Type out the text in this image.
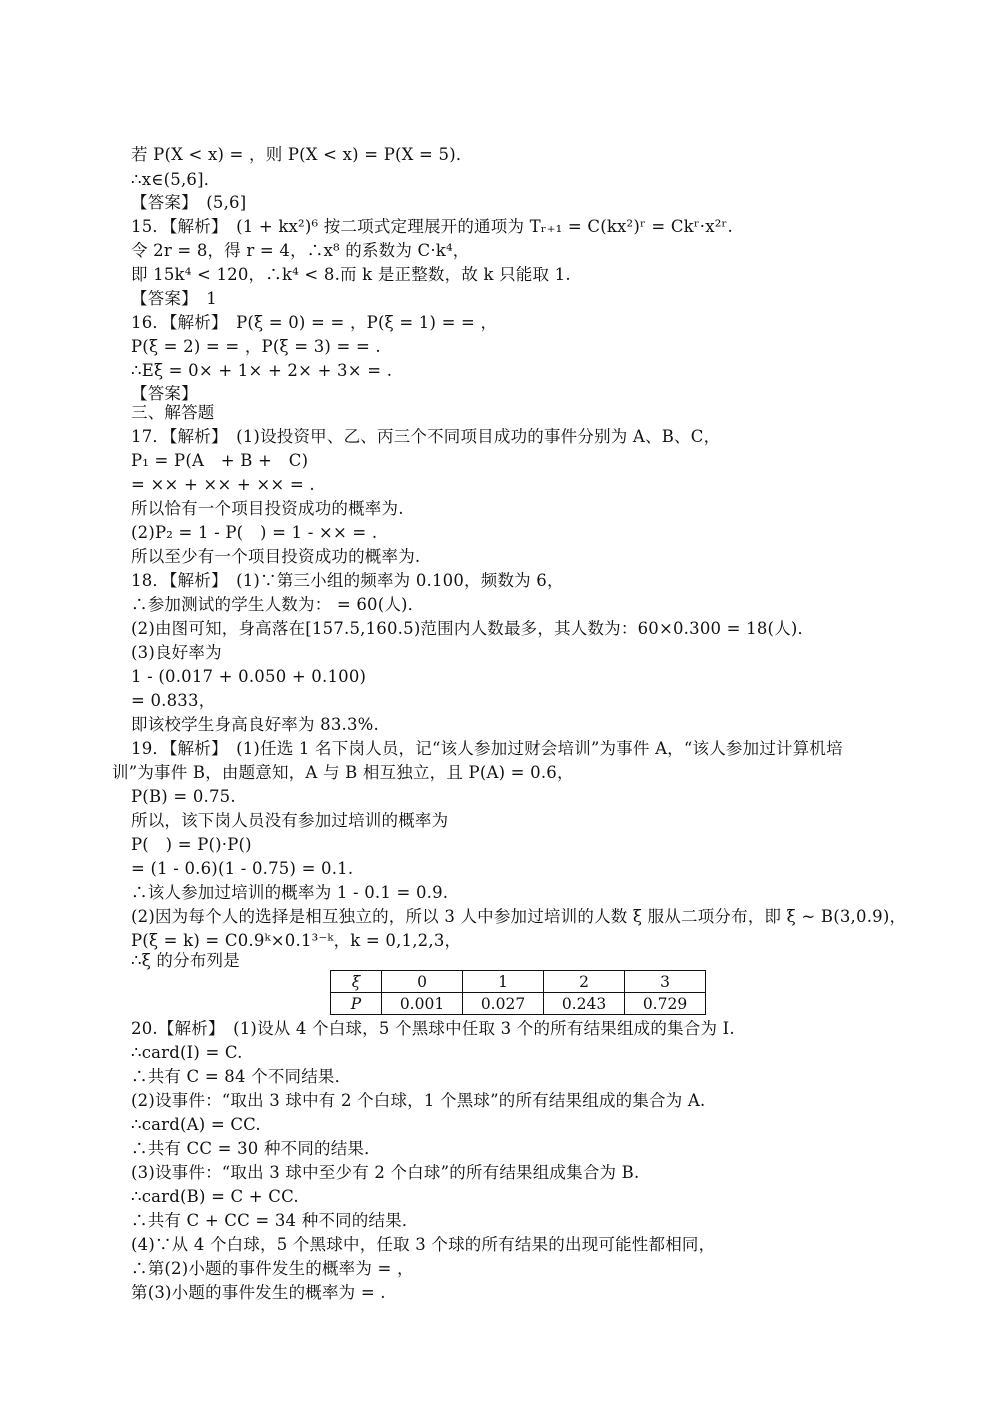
若 P(X < x) = ，则 P(X < x) = P(X = 5)．
∴x∈(5,6]．
【答案】　(5,6]
15．【解析】　(1 + kx²)⁶ 按二项式定理展开的通项为 Tᵣ₊₁ = C(kx²)ʳ = Ckʳ·x²ʳ.
令 2r = 8，得 r = 4，∴x⁸ 的系数为 C·k⁴，
即 15k⁴ < 120，∴k⁴ < 8.而 k 是正整数，故 k 只能取 1.
【答案】　1
16．【解析】　P(ξ = 0) = = ，P(ξ = 1) = = ，
P(ξ = 2) = = ，P(ξ = 3) = = .
∴Eξ = 0× + 1× + 2× + 3× = .
【答案】
三、解答题
17．【解析】　(1)设投资甲、乙、丙三个不同项目成功的事件分别为 A、B、C，
P₁ = P(A　+ B +　C)
= ×× + ×× + ×× = .
所以恰有一个项目投资成功的概率为.
(2)P₂ = 1 - P(　) = 1 - ×× = .
所以至少有一个项目投资成功的概率为.
18．【解析】　(1)∵第三小组的频率为 0.100，频数为 6，
∴参加测试的学生人数为： = 60(人)．
(2)由图可知，身高落在[157.5,160.5)范围内人数最多，其人数为：60×0.300 = 18(人)．
(3)良好率为
1 - (0.017 + 0.050 + 0.100)
= 0.833，
即该校学生身高良好率为 83.3%.
19．【解析】　(1)任选 1 名下岗人员，记“该人参加过财会培训”为事件 A，“该人参加过计算机培
训”为事件 B，由题意知，A 与 B 相互独立，且 P(A) = 0.6，
P(B) = 0.75.
所以，该下岗人员没有参加过培训的概率为
P(　) = P()·P()
= (1 - 0.6)(1 - 0.75) = 0.1.
∴该人参加过培训的概率为 1 - 0.1 = 0.9.
(2)因为每个人的选择是相互独立的，所以 3 人中参加过培训的人数 ξ 服从二项分布，即 ξ ~ B(3,0.9)，
P(ξ = k) = C0.9ᵏ×0.1³⁻ᵏ，k = 0,1,2,3，
∴ξ 的分布列是
ξ	0	1	2	3
P	0.001	0.027	0.243	0.729
20.【解析】　(1)设从 4 个白球，5 个黑球中任取 3 个的所有结果组成的集合为 I.
∴card(I) = C.
∴共有 C = 84 个不同结果．
(2)设事件：“取出 3 球中有 2 个白球，1 个黑球”的所有结果组成的集合为 A.
∴card(A) = CC.
∴共有 CC = 30 种不同的结果．
(3)设事件：“取出 3 球中至少有 2 个白球”的所有结果组成集合为 B.
∴card(B) = C + CC.
∴共有 C + CC = 34 种不同的结果．
(4)∵从 4 个白球，5 个黑球中，任取 3 个球的所有结果的出现可能性都相同，
∴第(2)小题的事件发生的概率为 = ，
第(3)小题的事件发生的概率为 = .
